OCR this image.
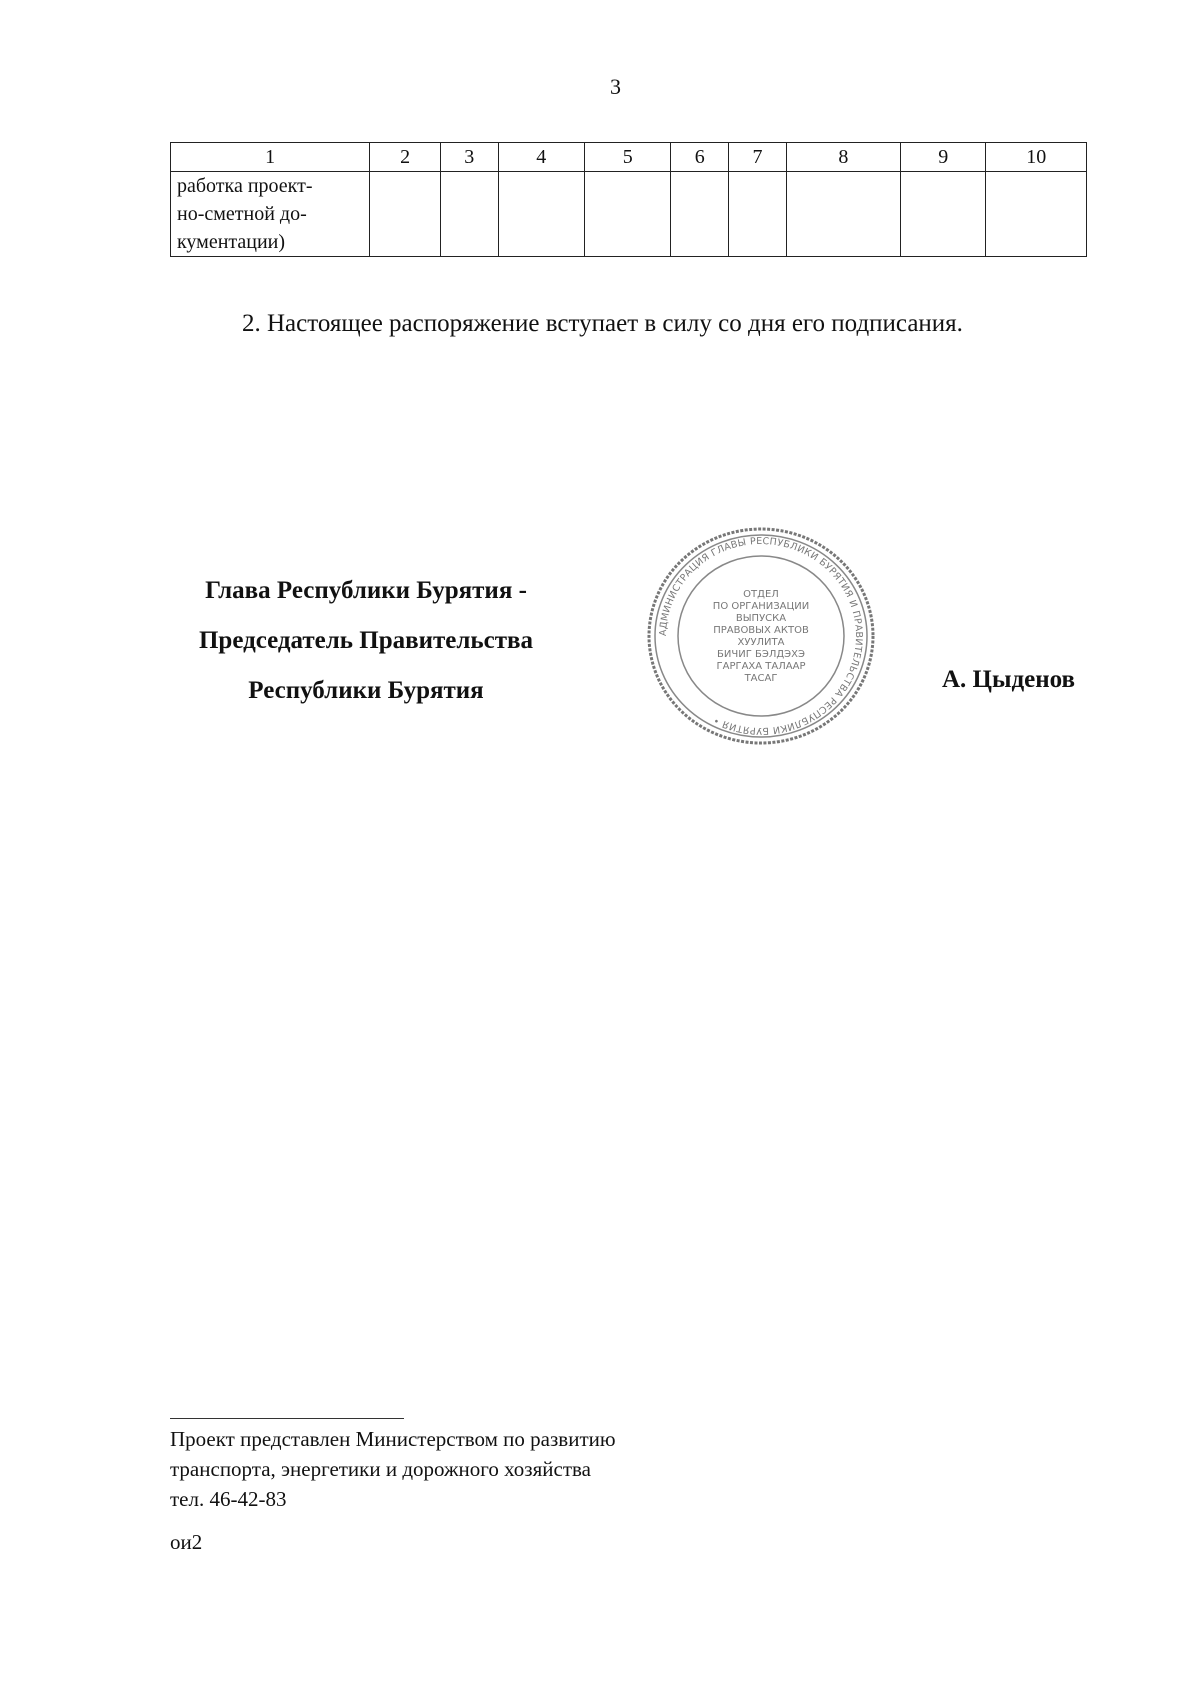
3
1	2	3	4	5	6	7	8	9	10

работка проект-
но-сметной до-
кументации)									

2. Настоящее распоряжение вступает в силу со дня его подписания.
Глава Республики Бурятия -
Председатель Правительства
Республики Бурятия
АДМИНИСТРАЦИЯ ГЛАВЫ РЕСПУБЛИКИ БУРЯТИЯ И ПРАВИТЕЛЬСТВА РЕСПУБЛИКИ БУРЯТИЯ •
ОТДЕЛ
ПО ОРГАНИЗАЦИИ
ВЫПУСКА
ПРАВОВЫХ АКТОВ
ХУУЛИТА
БИЧИГ БЭЛДЭХЭ
ГАРГАХА ТАЛААР
ТАСАГ	А. Цыденов
Проект представлен Министерством по развитию
транспорта, энергетики и дорожного хозяйства
тел. 46-42-83
ои2
